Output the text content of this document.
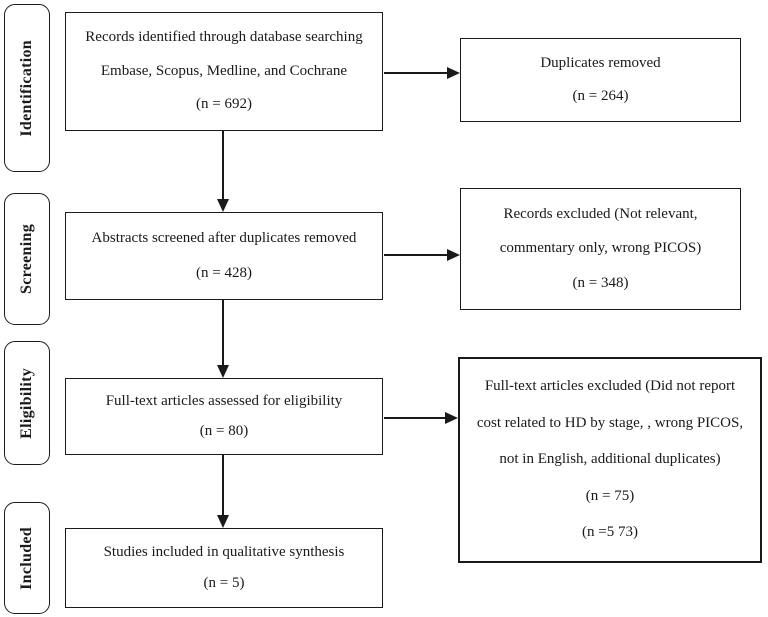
Identification
Screening
Eligibility
Included
Records identified through database searching
Embase, Scopus, Medline, and Cochrane
(n = 692)
Abstracts screened after duplicates removed
(n = 428)
Full-text articles assessed for eligibility
(n = 80)
Studies included in qualitative synthesis
(n = 5)
Duplicates removed
(n = 264)
Records excluded (Not relevant,
commentary only, wrong PICOS)
(n = 348)
Full-text articles excluded (Did not report
cost related to HD by stage, , wrong PICOS,
not in English, additional duplicates)
(n = 75)
(n =5 73)
